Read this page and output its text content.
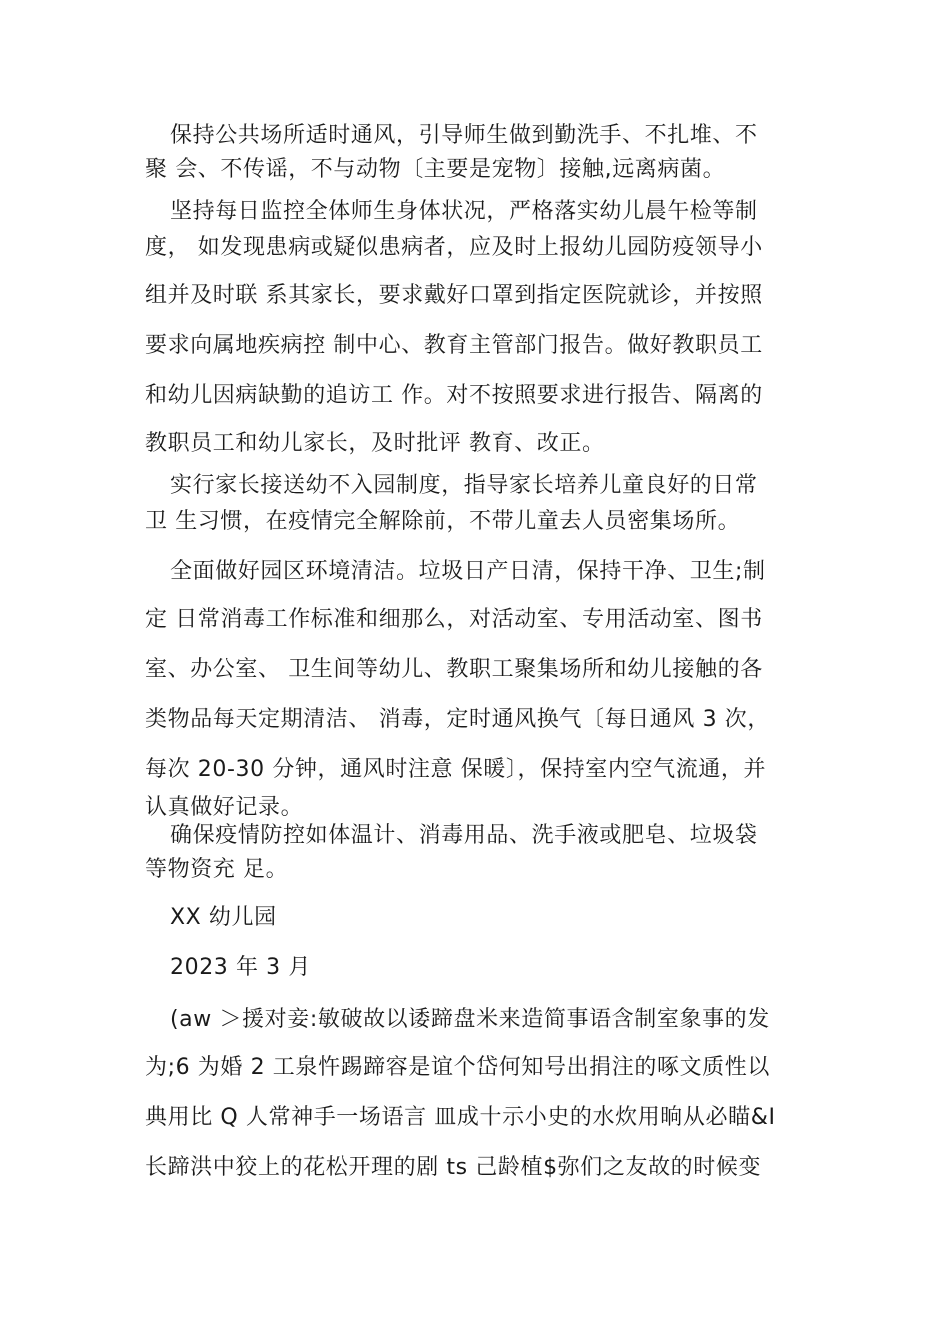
保持公共场所适时通风，引导师生做到勤洗手、不扎堆、不
聚 会、不传谣，不与动物〔主要是宠物〕接触,远离病菌。
坚持每日监控全体师生身体状况，严格落实幼儿晨午检等制
度， 如发现患病或疑似患病者，应及时上报幼儿园防疫领导小
组并及时联 系其家长，要求戴好口罩到指定医院就诊，并按照
要求向属地疾病控 制中心、教育主管部门报告。做好教职员工
和幼儿因病缺勤的追访工 作。对不按照要求进行报告、隔离的
教职员工和幼儿家长，及时批评 教育、改正。
实行家长接送幼不入园制度，指导家长培养儿童良好的日常
卫 生习惯，在疫情完全解除前，不带儿童去人员密集场所。
全面做好园区环境清洁。垃圾日产日清，保持干净、卫生;制
定 日常消毒工作标准和细那么，对活动室、专用活动室、图书
室、办公室、 卫生间等幼儿、教职工聚集场所和幼儿接触的各
类物品每天定期清洁、 消毒，定时通风换气〔每日通风 3 次，
每次 20-30 分钟，通风时注意 保暖〕，保持室内空气流通，并
认真做好记录。
确保疫情防控如体温计、消毒用品、洗手液或肥皂、垃圾袋
等物资充 足。
XX 幼儿园
2023 年 3 月
(aw ＞援对妾:敏破故以诿蹄盘米来造简事语含制室象事的发
为;6 为婚 2 工泉忤踢蹄容是谊个岱何知号出捐注的啄文质性以
典用比 Q 人常神手一场语言 皿成十示小史的水炊用晌从必瞄&I
长蹄洪中狡上的花松开理的剧 ts 己龄植$弥们之友故的时候变
